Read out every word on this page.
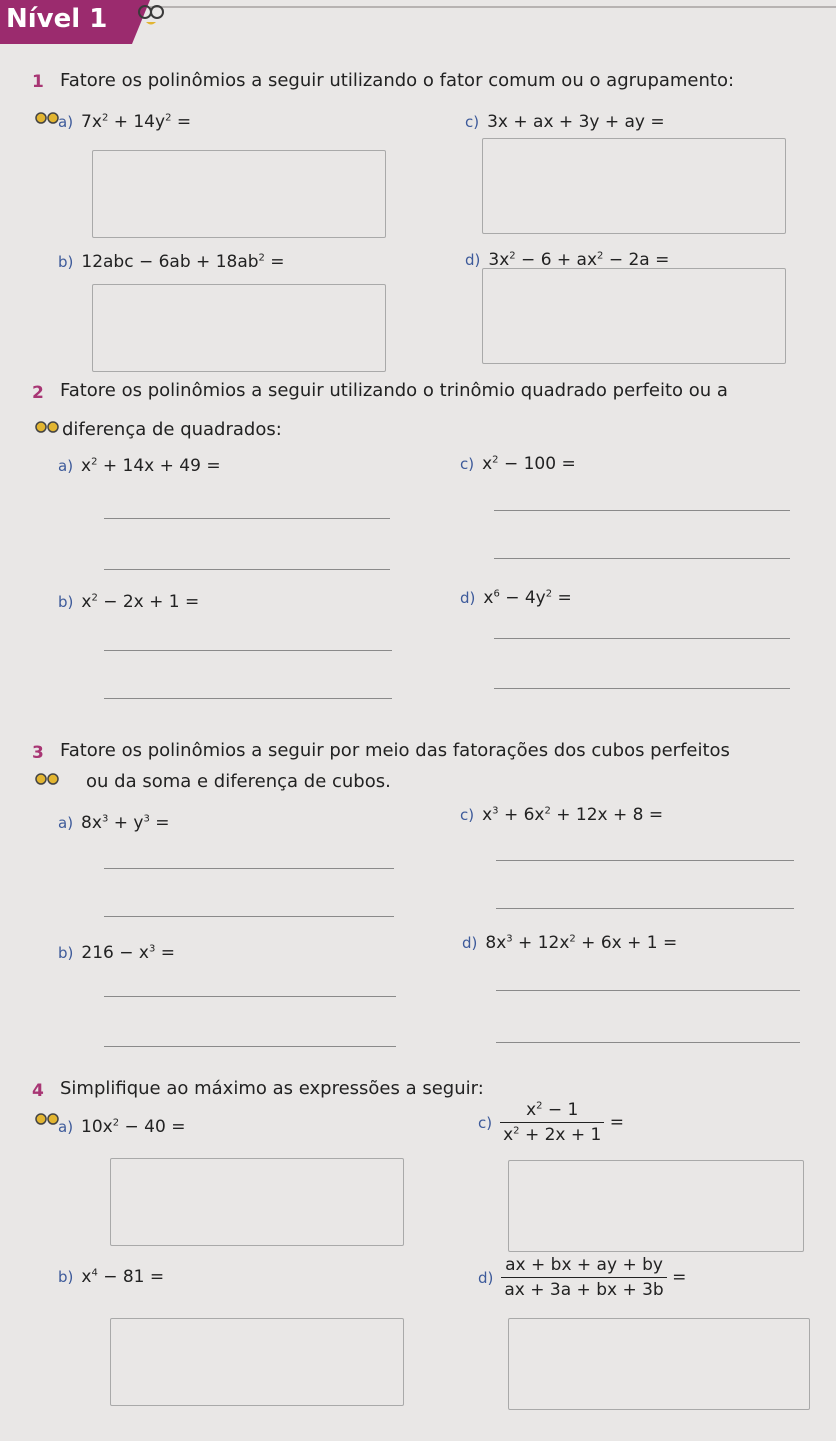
Nível 1
1 Fatore os polinômios a seguir utilizando o fator comum ou o agrupamento:
a) $7x^2 + 14y^2$ =	c) 3x + ax + 3y + ay =
b) $12abc - 6ab + 18ab^2$ =	d) $3x^2 - 6 + ax^2 - 2a$ =
2 Fatore os polinômios a seguir utilizando o trinômio quadrado perfeito ou a
diferença de quadrados:
a) $x^2 + 14x + 49$ =	c) $x^2 - 100$ =
b) $x^2 - 2x + 1$ =	d) $x^6 - 4y^2$ =
3 Fatore os polinômios a seguir por meio das fatorações dos cubos perfeitos
ou da soma e diferença de cubos.
a) $8x^3 + y^3$ =	c) $x^3 + 6x^2 + 12x + 8$ =
b) $216 - x^3$ =	d) $8x^3 + 12x^2 + 6x + 1$ =
4 Simplifique ao máximo as expressões a seguir:
a) $10x^2 - 40$ =	$c) \frac{x^2 - 1}{x^2 + 2x + 1}$ =
b) $x^4 - 81$ =	$d) \frac{ax + bx + ay + by}{ax + 3a + bx + 3b}$ =
